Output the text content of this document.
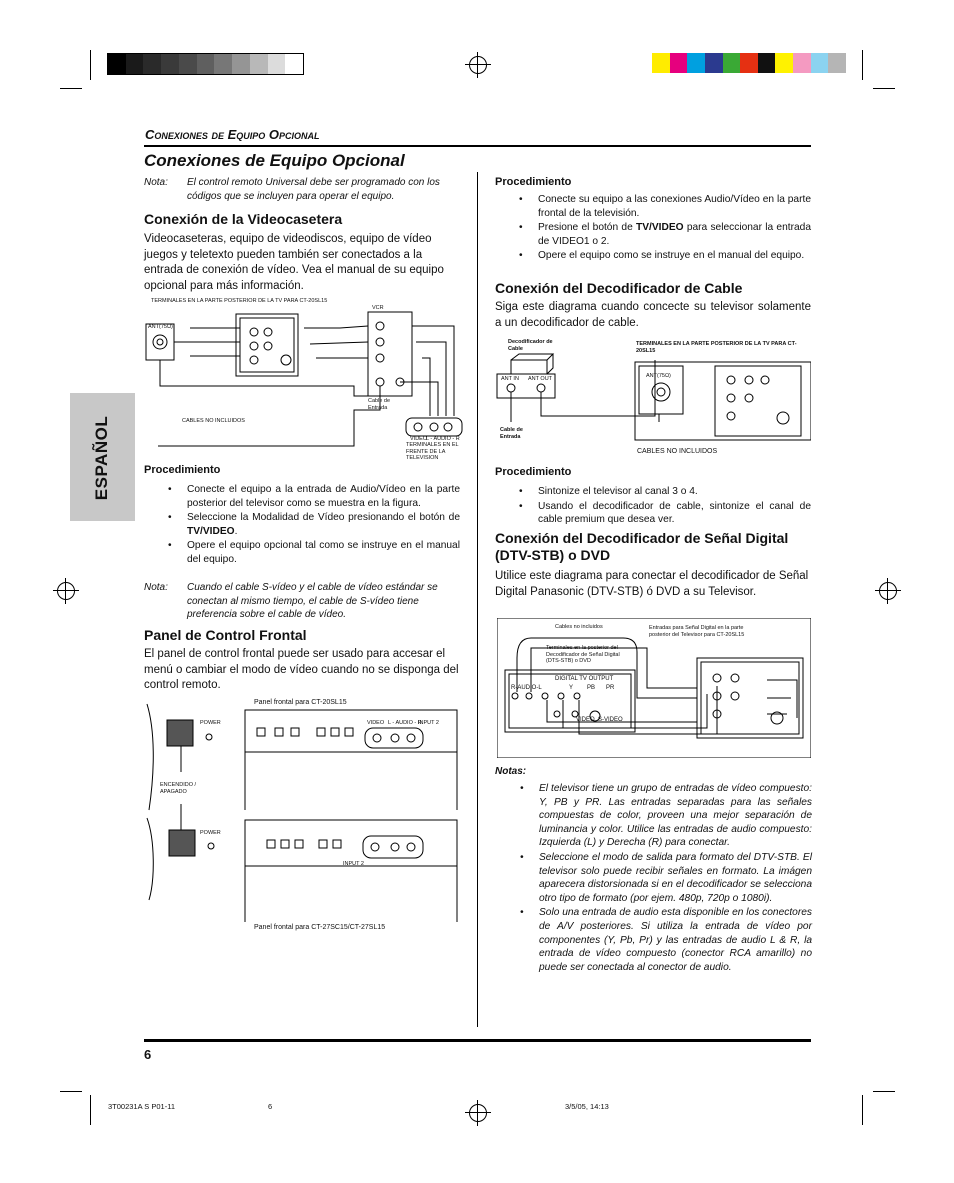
Conexiones de Equipo Opcional
Conexiones de Equipo Opcional
ESPAÑOL
Nota: El control remoto Universal debe ser programado con los códigos que se incluyen para operar el equipo.
Conexión de la Videocasetera

Videocaseteras, equipo de videodiscos, equipo de vídeo juegos y teletexto pueden también ser conectados a la entrada de conexión de vídeo. Vea el manual de su equipo opcional para más información.

TERMINALES EN LA PARTE POSTERIOR DE LA TV PARA CT-20SL15
VCR
ANT(75Ω)
Cable de Entrada
CABLES NO INCLUIDOS
TERMINALES EN EL FRENTE DE LA TELEVISION
VIDEO
L - AUDIO - R
Procedimiento
• Conecte el equipo a la entrada de Audio/Vídeo en la parte posterior del televisor como se muestra en la figura.
• Seleccione la Modalidad de Vídeo presionando el botón de TV/VIDEO.
• Opere el equipo opcional tal como se instruye en el manual del equipo.
Nota: Cuando el cable S-vídeo y el cable de vídeo estándar se conectan al mismo tiempo, el cable de S-vídeo tiene preferencia sobre el cable de vídeo.
Panel de Control Frontal

El panel de control frontal puede ser usado para accesar el menú o cambiar el modo de vídeo cuando no se disponga del control remoto.

Panel frontal para CT-20SL15
POWER	INPUT 2
VIDEO L - AUDIO - R
ENCENDIDO / APAGADO
POWER
INPUT 2
Panel frontal para CT-27SC15/CT-27SL15
Procedimiento
• Conecte su equipo a las conexiones Audio/Vídeo en la parte frontal de la televisión.
• Presione el botón de TV/VIDEO para seleccionar la entrada de VIDEO1 o 2.
• Opere el equipo como se instruye en el manual del equipo.
Conexión del Decodificador de Cable

Siga este diagrama cuando concecte su televisor solamente a un decodificador de cable.

Decodificador de Cable
TERMINALES EN LA PARTE POSTERIOR DE LA TV PARA CT-20SL15
ANT IN ANT OUT	ANT(75Ω)
Cable de Entrada
CABLES NO INCLUIDOS
Procedimiento
• Sintonize el televisor al canal 3 o 4.
• Usando el decodificador de cable, sintonize el canal de cable premium que desea ver.
Conexión del Decodificador de Señal Digital (DTV-STB) o DVD

Utilice este diagrama para conectar el decodificador de Señal Digital Panasonic (DTV-STB) ó DVD a su Televisor.

Cables no incluidos
Terminales en la posterior del Decodificador de Señal Digital (DTS-STB) o DVD
Entradas para Señal Digital en la parte posterior del Televisor para CT-20SL15
DIGITAL TV OUTPUT
R-AUDIO-L	Y PB PR
VIDEO S-VIDEO
Notas:
• El televisor tiene un grupo de entradas de vídeo compuesto: Y, PB y PR. Las entradas separadas para las señales compuestas de color, proveen una mejor separación de luminancia y color. Utilice las entradas de audio compuesto: Izquierda (L) y Derecha (R) para conectar.
• Seleccione el modo de salida para formato del DTV-STB. El televisor solo puede recibir señales en formato. La imágen aparecera distorsionada si en el decodificador se selecciona otro tipo de formato (por ejem. 480p, 720p o 1080i).
• Solo una entrada de audio esta disponible en los conectores de A/V posteriores. Si utiliza la entrada de vídeo por componentes (Y, Pb, Pr) y las entradas de audio L & R, la entrada de vídeo compuesto (conector RCA amarillo) no puede ser conectada al conector de audio.
6
3T00231A S P01-11	6	3/5/05, 14:13
